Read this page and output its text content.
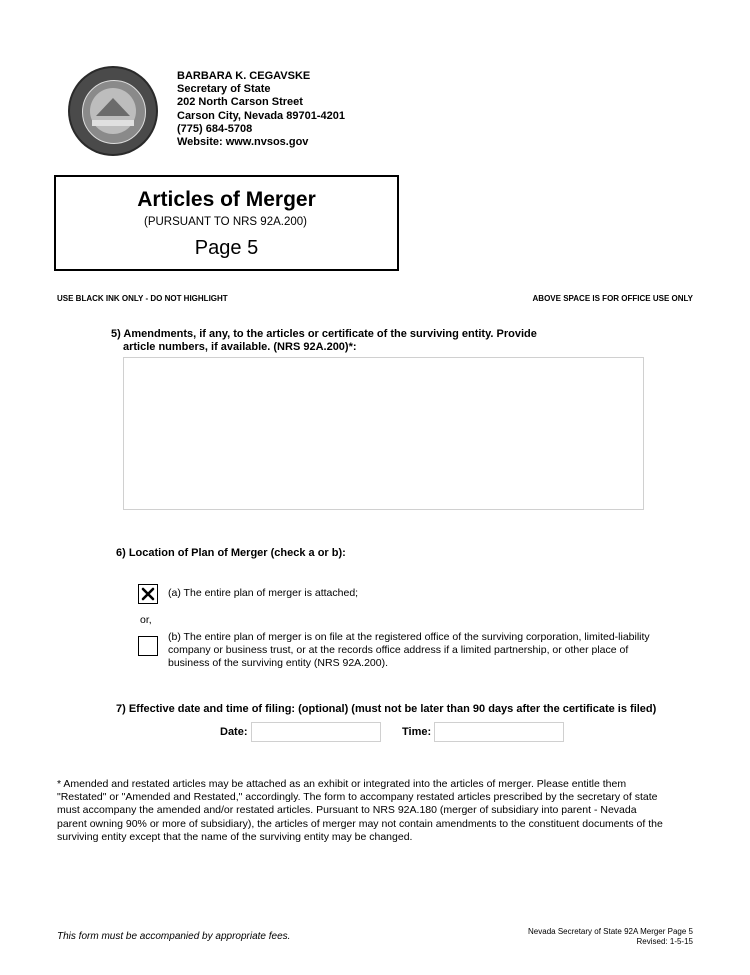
BARBARA K. CEGAVSKE
Secretary of State
202 North Carson Street
Carson City, Nevada 89701-4201
(775) 684-5708
Website: www.nvsos.gov
Articles of Merger
(PURSUANT TO NRS 92A.200)
Page 5
USE BLACK INK ONLY - DO NOT HIGHLIGHT	ABOVE SPACE IS FOR OFFICE USE ONLY
5) Amendments, if any, to the articles or certificate of the surviving entity. Provide
article numbers, if available. (NRS 92A.200)*:
6) Location of Plan of Merger (check a or b):
(a) The entire plan of merger is attached;
or,
(b) The entire plan of merger is on file at the registered office of the surviving corporation, limited-liability
company or business trust, or at the records office address if a limited partnership, or other place of
business of the surviving entity (NRS 92A.200).
7) Effective date and time of filing: (optional) (must not be later than 90 days after the certificate is filed)
Date:	Time:
* Amended and restated articles may be attached as an exhibit or integrated into the articles of merger. Please entitle them
"Restated" or "Amended and Restated," accordingly. The form to accompany restated articles prescribed by the secretary of state
must accompany the amended and/or restated articles. Pursuant to NRS 92A.180 (merger of subsidiary into parent - Nevada
parent owning 90% or more of subsidiary), the articles of merger may not contain amendments to the constituent documents of the
surviving entity except that the name of the surviving entity may be changed.
This form must be accompanied by appropriate fees.	Nevada Secretary of State 92A Merger Page 5
Revised: 1-5-15
